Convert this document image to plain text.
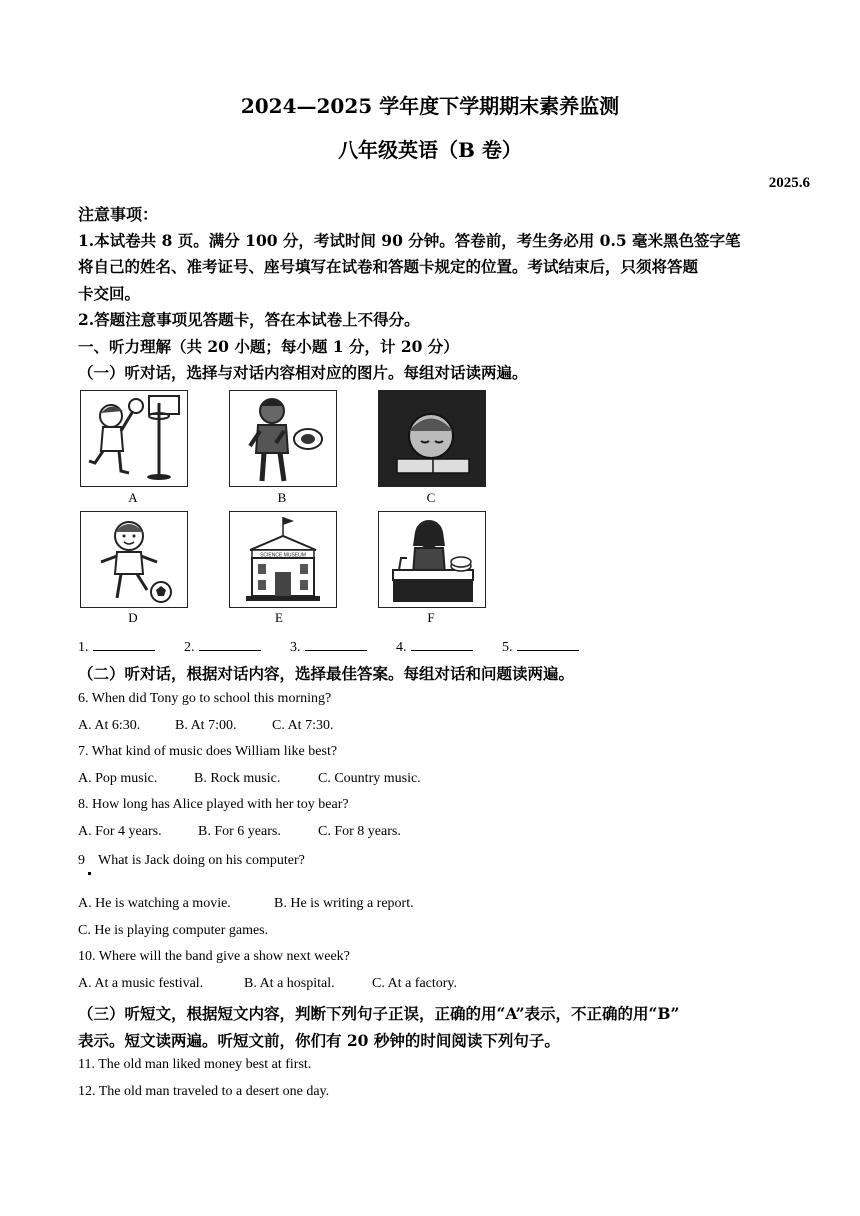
2024—2025 学年度下学期期末素养监测
八年级英语（B 卷）
2025.6
注意事项：
1.本试卷共 8 页。满分 100 分，考试时间 90 分钟。答卷前，考生务必用 0.5 毫米黑色签字笔
将自己的姓名、准考证号、座号填写在试卷和答题卡规定的位置。考试结束后，只须将答题
卡交回。
2.答题注意事项见答题卡，答在本试卷上不得分。
一、听力理解（共 20 小题；每小题 1 分，计 20 分）
（一）听对话，选择与对话内容相对应的图片。每组对话读两遍。
A	B	C
D
SCIENCE MUSEUM
E	F
1.	2.	3.	4.	5.
（二）听对话，根据对话内容，选择最佳答案。每组对话和问题读两遍。
6. When did Tony go to school this morning?
A. At 6:30. B. At 7:00.	C. At 7:30.
7. What kind of music does William like best?
A. Pop music.	B. Rock music.	C. Country music.
8. How long has Alice played with her toy bear?
A. For 4 years.	B. For 6 years.	C. For 8 years.
9 What is Jack doing on his computer?
A. He is watching a movie.	B. He is writing a report.
C. He is playing computer games.
10. Where will the band give a show next week?
A. At a music festival.	B. At a hospital.	C. At a factory.
（三）听短文，根据短文内容，判断下列句子正误，正确的用“A”表示，不正确的用“B”
表示。短文读两遍。听短文前，你们有 20 秒钟的时间阅读下列句子。
11. The old man liked money best at first.
12. The old man traveled to a desert one day.
